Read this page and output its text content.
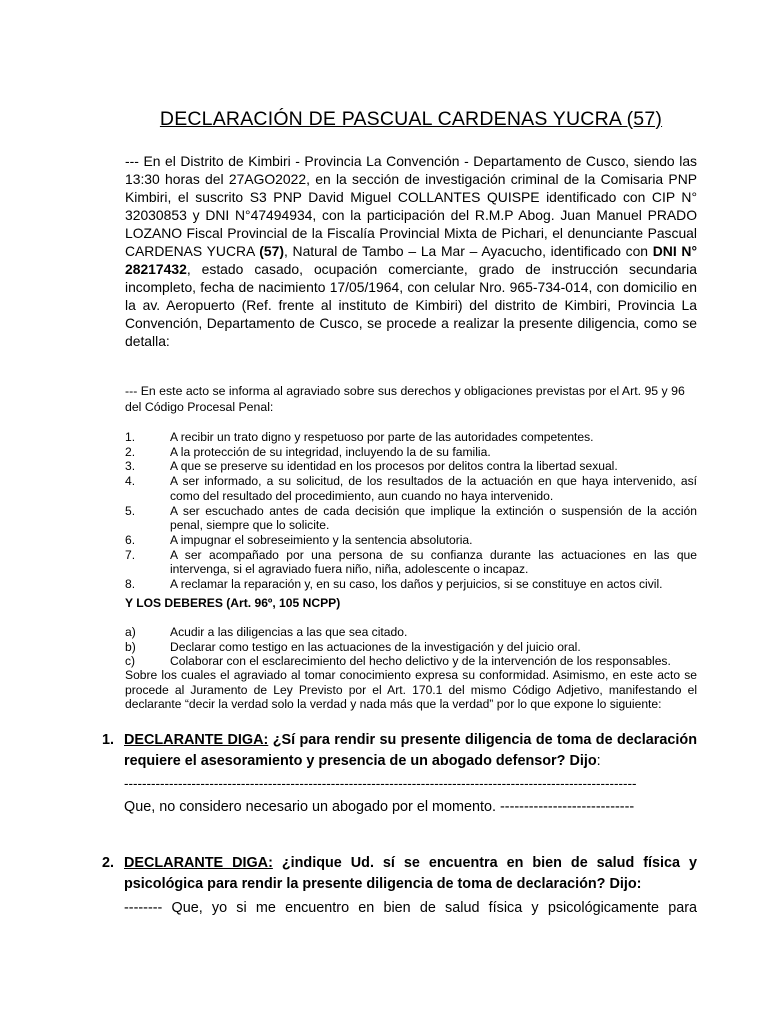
DECLARACIÓN DE PASCUAL CARDENAS YUCRA (57)
--- En el Distrito de Kimbiri - Provincia La Convención - Departamento de Cusco, siendo las 13:30 horas del 27AGO2022, en la sección de investigación criminal de la Comisaria PNP Kimbiri, el suscrito S3 PNP David Miguel COLLANTES QUISPE identificado con CIP N° 32030853 y DNI N°47494934, con la participación del R.M.P Abog. Juan Manuel PRADO LOZANO Fiscal Provincial de la Fiscalía Provincial Mixta de Pichari, el denunciante Pascual CARDENAS YUCRA (57), Natural de Tambo – La Mar – Ayacucho, identificado con DNI N° 28217432, estado casado, ocupación comerciante, grado de instrucción secundaria incompleto, fecha de nacimiento 17/05/1964, con celular Nro. 965-734-014, con domicilio en la av. Aeropuerto (Ref. frente al instituto de Kimbiri) del distrito de Kimbiri, Provincia La Convención, Departamento de Cusco, se procede a realizar la presente diligencia, como se detalla:
--- En este acto se informa al agraviado sobre sus derechos y obligaciones previstas por el Art. 95 y 96 del Código Procesal Penal:
1.	A recibir un trato digno y respetuoso por parte de las autoridades competentes.
2.	A la protección de su integridad, incluyendo la de su familia.
3.	A que se preserve su identidad en los procesos por delitos contra la libertad sexual.
4.	A ser informado, a su solicitud, de los resultados de la actuación en que haya intervenido, así como del resultado del procedimiento, aun cuando no haya intervenido.
5.	A ser escuchado antes de cada decisión que implique la extinción o suspensión de la acción penal, siempre que lo solicite.
6.	A impugnar el sobreseimiento y la sentencia absolutoria.
7.	A ser acompañado por una persona de su confianza durante las actuaciones en las que intervenga, si el agraviado fuera niño, niña, adolescente o incapaz.
8.	A reclamar la reparación y, en su caso, los daños y perjuicios, si se constituye en actos civil.
Y LOS DEBERES (Art. 96º, 105 NCPP)
a)	Acudir a las diligencias a las que sea citado.
b)	Declarar como testigo en las actuaciones de la investigación y del juicio oral.
c)	Colaborar con el esclarecimiento del hecho delictivo y de la intervención de los responsables.
Sobre los cuales el agraviado al tomar conocimiento expresa su conformidad. Asimismo, en este acto se procede al Juramento de Ley Previsto por el Art. 170.1 del mismo Código Adjetivo, manifestando el declarante “decir la verdad solo la verdad y nada más que la verdad” por lo que expone lo siguiente:
1. DECLARANTE DIGA: ¿Sí para rendir su presente diligencia de toma de declaración requiere el asesoramiento y presencia de un abogado defensor? Dijo:
------------------------------------------------------------------------------------------------------------------
Que, no considero necesario un abogado por el momento. ----------------------------
2. DECLARANTE DIGA: ¿indique Ud. sí se encuentra en bien de salud física y psicológica para rendir la presente diligencia de toma de declaración? Dijo:
-------- Que, yo si me encuentro en bien de salud física y psicológicamente para
